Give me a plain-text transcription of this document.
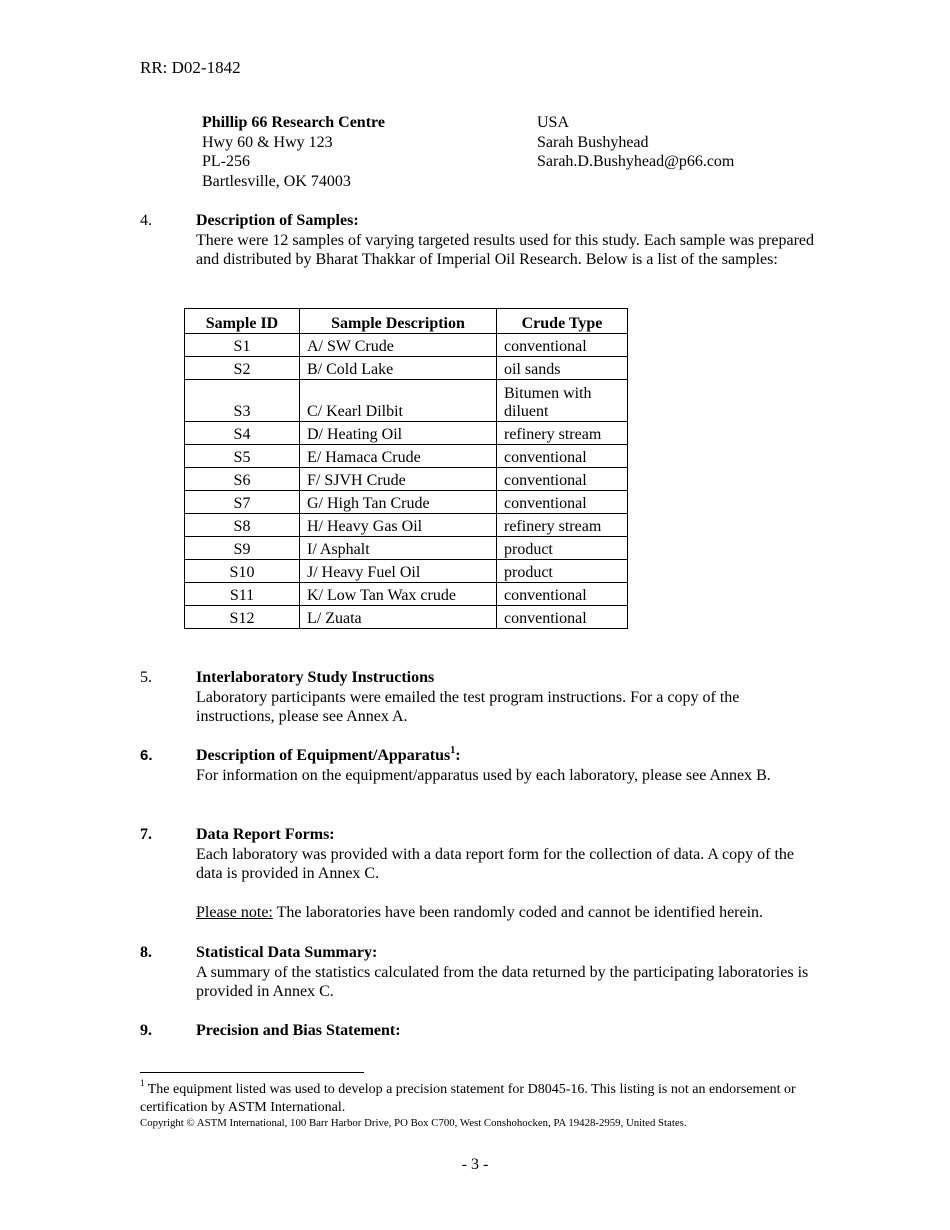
RR: D02-1842
Phillip 66 Research Centre
Hwy 60 & Hwy 123
PL-256
Bartlesville, OK 74003
USA
Sarah Bushyhead
Sarah.D.Bushyhead@p66.com
4.	Description of Samples:

There were 12 samples of varying targeted results used for this study. Each sample was prepared and distributed by Bharat Thakkar of Imperial Oil Research. Below is a list of the samples:

Sample ID	Sample Description	Crude Type
S1	A/ SW Crude	conventional
S2	B/ Cold Lake	oil sands
S3	C/ Kearl Dilbit	Bitumen with diluent
S4	D/ Heating Oil	refinery stream
S5	E/ Hamaca Crude	conventional
S6	F/ SJVH Crude	conventional
S7	G/ High Tan Crude	conventional
S8	H/ Heavy Gas Oil	refinery stream
S9	I/ Asphalt	product
S10	J/ Heavy Fuel Oil	product
S11	K/ Low Tan Wax crude	conventional
S12	L/ Zuata	conventional
5.	Interlaboratory Study Instructions

Laboratory participants were emailed the test program instructions. For a copy of the instructions, please see Annex A.

6.	Description of Equipment/Apparatus$^1$:

For information on the equipment/apparatus used by each laboratory, please see Annex B.

7.	Data Report Forms:

Each laboratory was provided with a data report form for the collection of data. A copy of the data is provided in Annex C.

Please note: The laboratories have been randomly coded and cannot be identified herein.

8.	Statistical Data Summary:

A summary of the statistics calculated from the data returned by the participating laboratories is provided in Annex C.

9.	Precision and Bias Statement:

$^1$ The equipment listed was used to develop a precision statement for D8045-16. This listing is not an endorsement or certification by ASTM International.
Copyright © ASTM International, 100 Barr Harbor Drive, PO Box C700, West Conshohocken, PA 19428-2959, United States.
- 3 -
